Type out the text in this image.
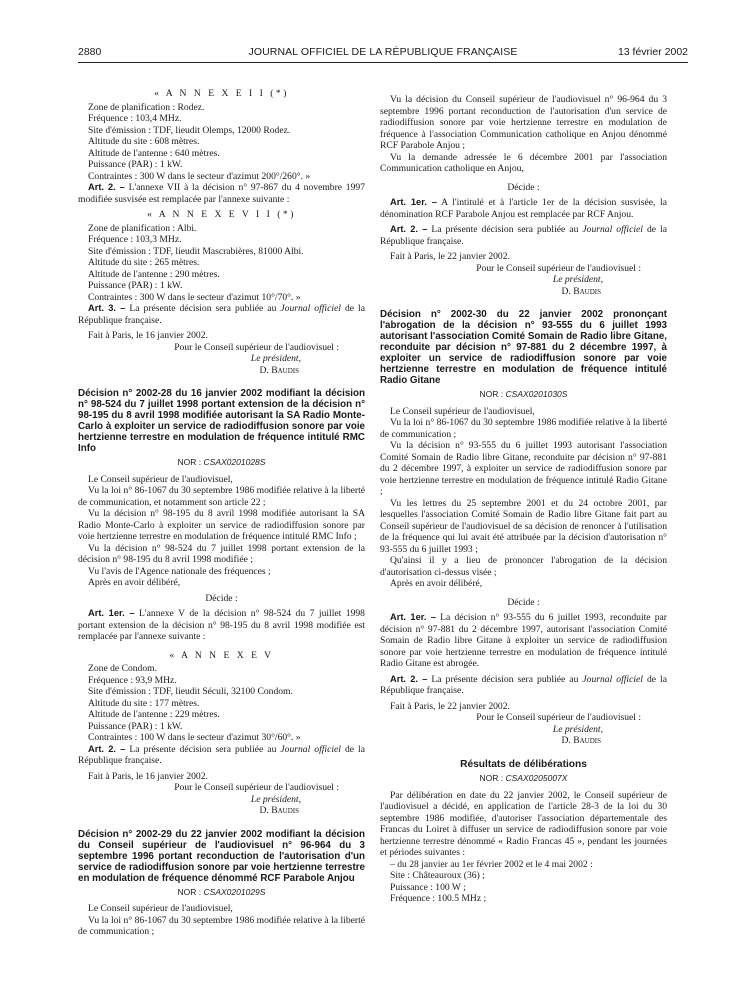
2880	JOURNAL OFFICIEL DE LA RÉPUBLIQUE FRANÇAISE	13 février 2002

« A N N E X E I I (*)

Zone de planification : Rodez.

Fréquence : 103,4 MHz.

Site d'émission : TDF, lieudit Olemps, 12000 Rodez.

Altitude du site : 608 mètres.

Altitude de l'antenne : 640 mètres.

Puissance (PAR) : 1 kW.

Contraintes : 300 W dans le secteur d'azimut 200°/260°. »

Art. 2. – L'annexe VII à la décision n° 97-867 du 4 novembre 1997 modifiée susvisée est remplacée par l'annexe suivante :

« A N N E X E V I I (*)

Zone de planification : Albi.

Fréquence : 103,3 MHz.

Site d'émission : TDF, lieudit Mascrabières, 81000 Albi.

Altitude du site : 265 mètres.

Altitude de l'antenne : 290 mètres.

Puissance (PAR) : 1 kW.

Contraintes : 300 W dans le secteur d'azimut 10°/70°. »

Art. 3. – La présente décision sera publiée au Journal officiel de la République française.

Fait à Paris, le 16 janvier 2002.

Pour le Conseil supérieur de l'audiovisuel :

Le président,

D. Baudis

Décision n° 2002-28 du 16 janvier 2002 modifiant la décision n° 98-524 du 7 juillet 1998 portant extension de la décision n° 98-195 du 8 avril 1998 modifiée autorisant la SA Radio Monte-Carlo à exploiter un service de radiodiffusion sonore par voie hertzienne terrestre en modulation de fréquence intitulé RMC Info

NOR : CSAX0201028S

Le Conseil supérieur de l'audiovisuel,

Vu la loi n° 86-1067 du 30 septembre 1986 modifiée relative à la liberté de communication, et notamment son article 22 ;

Vu la décision n° 98-195 du 8 avril 1998 modifiée autorisant la SA Radio Monte-Carlo à exploiter un service de radiodiffusion sonore par voie hertzienne terrestre en modulation de fréquence intitulé RMC Info ;

Vu la décision n° 98-524 du 7 juillet 1998 portant extension de la décision n° 98-195 du 8 avril 1998 modifiée ;

Vu l'avis de l'Agence nationale des fréquences ;

Après en avoir délibéré,

Décide :

Art. 1er. – L'annexe V de la décision n° 98-524 du 7 juillet 1998 portant extension de la décision n° 98-195 du 8 avril 1998 modifiée est remplacée par l'annexe suivante :

« A N N E X E V

Zone de Condom.

Fréquence : 93,9 MHz.

Site d'émission : TDF, lieudit Séculi, 32100 Condom.

Altitude du site : 177 mètres.

Altitude de l'antenne : 229 mètres.

Puissance (PAR) : 1 kW.

Contraintes : 100 W dans le secteur d'azimut 30°/60°. »

Art. 2. – La présente décision sera publiée au Journal officiel de la République française.

Fait à Paris, le 16 janvier 2002.

Pour le Conseil supérieur de l'audiovisuel :

Le président,

D. Baudis

Décision n° 2002-29 du 22 janvier 2002 modifiant la décision du Conseil supérieur de l'audiovisuel n° 96-964 du 3 septembre 1996 portant reconduction de l'autorisation d'un service de radiodiffusion sonore par voie hertzienne terrestre en modulation de fréquence dénommé RCF Parabole Anjou

NOR : CSAX0201029S

Le Conseil supérieur de l'audiovisuel,

Vu la loi n° 86-1067 du 30 septembre 1986 modifiée relative à la liberté de communication ;

Vu la décision du Conseil supérieur de l'audiovisuel n° 96-964 du 3 septembre 1996 portant reconduction de l'autorisation d'un service de radiodiffusion sonore par voie hertzienne terrestre en modulation de fréquence à l'association Communication catholique en Anjou dénommé RCF Parabole Anjou ;

Vu la demande adressée le 6 décembre 2001 par l'association Communication catholique en Anjou,

Décide :

Art. 1er. – A l'intitulé et à l'article 1er de la décision susvisée, la dénomination RCF Parabole Anjou est remplacée par RCF Anjou.

Art. 2. – La présente décision sera publiée au Journal officiel de la République française.

Fait à Paris, le 22 janvier 2002.

Pour le Conseil supérieur de l'audiovisuel :

Le président,

D. Baudis

Décision n° 2002-30 du 22 janvier 2002 prononçant l'abrogation de la décision n° 93-555 du 6 juillet 1993 autorisant l'association Comité Somain de Radio libre Gitane, reconduite par décision n° 97-881 du 2 décembre 1997, à exploiter un service de radiodiffusion sonore par voie hertzienne terrestre en modulation de fréquence intitulé Radio Gitane

NOR : CSAX0201030S

Le Conseil supérieur de l'audiovisuel,

Vu la loi n° 86-1067 du 30 septembre 1986 modifiée relative à la liberté de communication ;

Vu la décision n° 93-555 du 6 juillet 1993 autorisant l'association Comité Somain de Radio libre Gitane, reconduite par décision n° 97-881 du 2 décembre 1997, à exploiter un service de radiodiffusion sonore par voie hertzienne terrestre en modulation de fréquence intitulé Radio Gitane ;

Vu les lettres du 25 septembre 2001 et du 24 octobre 2001, par lesquelles l'association Comité Somain de Radio libre Gitane fait part au Conseil supérieur de l'audiovisuel de sa décision de renoncer à l'utilisation de la fréquence qui lui avait été attribuée par la décision d'autorisation n° 93-555 du 6 juillet 1993 ;

Qu'ainsi il y a lieu de prononcer l'abrogation de la décision d'autorisation ci-dessus visée ;

Après en avoir délibéré,

Décide :

Art. 1er. – La décision n° 93-555 du 6 juillet 1993, reconduite par décision n° 97-881 du 2 décembre 1997, autorisant l'association Comité Somain de Radio libre Gitane à exploiter un service de radiodiffusion sonore par voie hertzienne terrestre en modulation de fréquence intitulé Radio Gitane est abrogée.

Art. 2. – La présente décision sera publiée au Journal officiel de la République française.

Fait à Paris, le 22 janvier 2002.

Pour le Conseil supérieur de l'audiovisuel :

Le président,

D. Baudis

Résultats de délibérations

NOR : CSAX0205007X

Par délibération en date du 22 janvier 2002, le Conseil supérieur de l'audiovisuel a décidé, en application de l'article 28-3 de la loi du 30 septembre 1986 modifiée, d'autoriser l'association départementale des Francas du Loiret à diffuser un service de radiodiffusion sonore par voie hertzienne terrestre dénommé « Radio Francas 45 », pendant les journées et périodes suivantes :

– du 28 janvier au 1er février 2002 et le 4 mai 2002 :

Site : Châteauroux (36) ;

Puissance : 100 W ;

Fréquence : 100.5 MHz ;
